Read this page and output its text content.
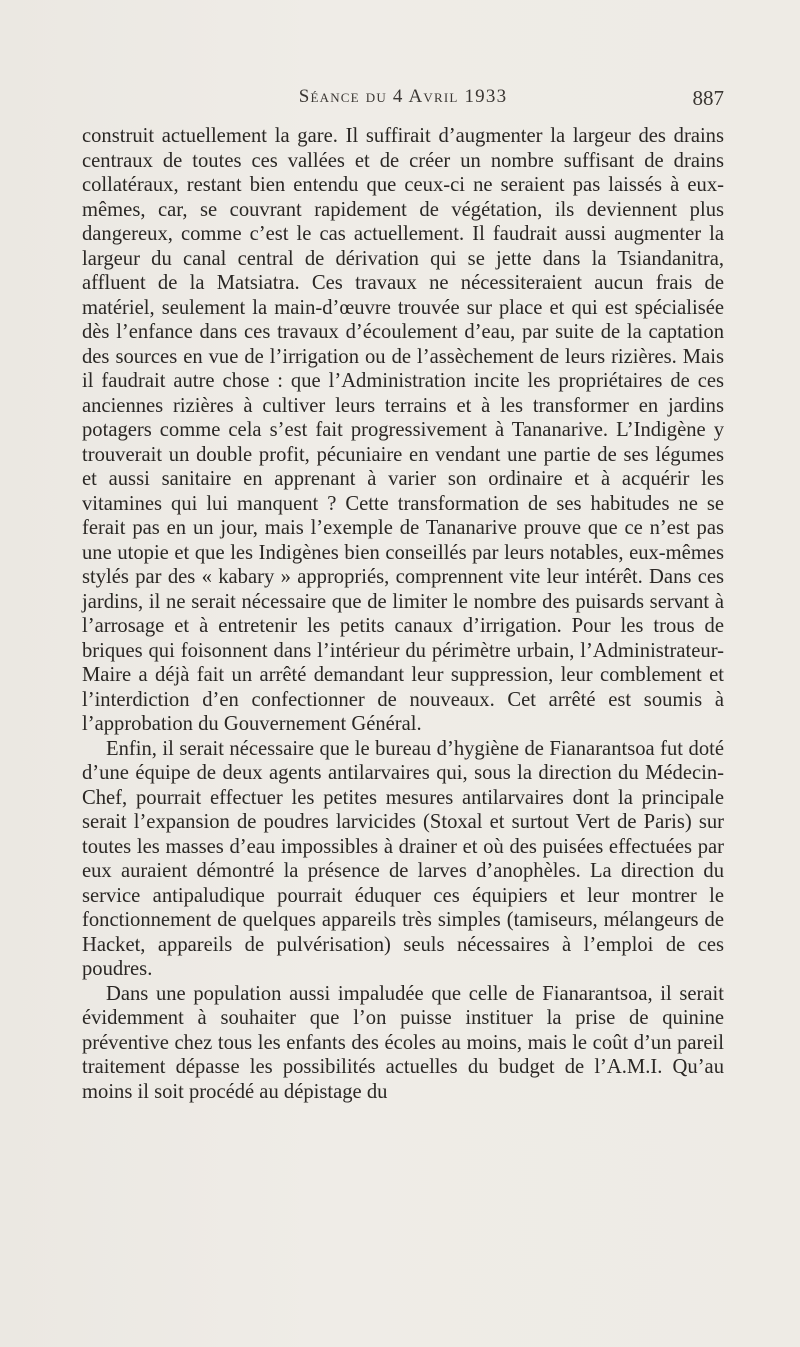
Séance du 4 Avril 1933	887

construit actuellement la gare. Il suffirait d’augmenter la largeur des drains centraux de toutes ces vallées et de créer un nombre suffisant de drains collatéraux, restant bien entendu que ceux-ci ne seraient pas laissés à eux-mêmes, car, se couvrant rapidement de végétation, ils deviennent plus dangereux, comme c’est le cas actuellement. Il faudrait aussi augmenter la largeur du canal central de dérivation qui se jette dans la Tsiandanitra, affluent de la Matsiatra. Ces travaux ne nécessiteraient aucun frais de matériel, seulement la main-d’œuvre trouvée sur place et qui est spécialisée dès l’enfance dans ces travaux d’écoulement d’eau, par suite de la captation des sources en vue de l’irrigation ou de l’assèchement de leurs rizières. Mais il faudrait autre chose : que l’Administration incite les propriétaires de ces anciennes rizières à cultiver leurs terrains et à les transformer en jardins potagers comme cela s’est fait progressivement à Tananarive. L’Indigène y trouverait un double profit, pécuniaire en vendant une partie de ses légumes et aussi sanitaire en apprenant à varier son ordinaire et à acquérir les vitamines qui lui manquent ? Cette transformation de ses habitudes ne se ferait pas en un jour, mais l’exemple de Tananarive prouve que ce n’est pas une utopie et que les Indigènes bien conseillés par leurs notables, eux-mêmes stylés par des « kabary » appropriés, comprennent vite leur intérêt. Dans ces jardins, il ne serait nécessaire que de limiter le nombre des puisards servant à l’arrosage et à entretenir les petits canaux d’irrigation. Pour les trous de briques qui foisonnent dans l’intérieur du périmètre urbain, l’Administrateur-Maire a déjà fait un arrêté demandant leur suppression, leur comblement et l’interdiction d’en confectionner de nouveaux. Cet arrêté est soumis à l’approbation du Gouvernement Général.

Enfin, il serait nécessaire que le bureau d’hygiène de Fianarantsoa fut doté d’une équipe de deux agents antilarvaires qui, sous la direction du Médecin-Chef, pourrait effectuer les petites mesures antilarvaires dont la principale serait l’expansion de poudres larvicides (Stoxal et surtout Vert de Paris) sur toutes les masses d’eau impossibles à drainer et où des puisées effectuées par eux auraient démontré la présence de larves d’anophèles. La direction du service antipaludique pourrait éduquer ces équipiers et leur montrer le fonctionnement de quelques appareils très simples (tamiseurs, mélangeurs de Hacket, appareils de pulvérisation) seuls nécessaires à l’emploi de ces poudres.

Dans une population aussi impaludée que celle de Fianarantsoa, il serait évidemment à souhaiter que l’on puisse instituer la prise de quinine préventive chez tous les enfants des écoles au moins, mais le coût d’un pareil traitement dépasse les possibilités actuelles du budget de l’A.M.I. Qu’au moins il soit procédé au dépistage du
